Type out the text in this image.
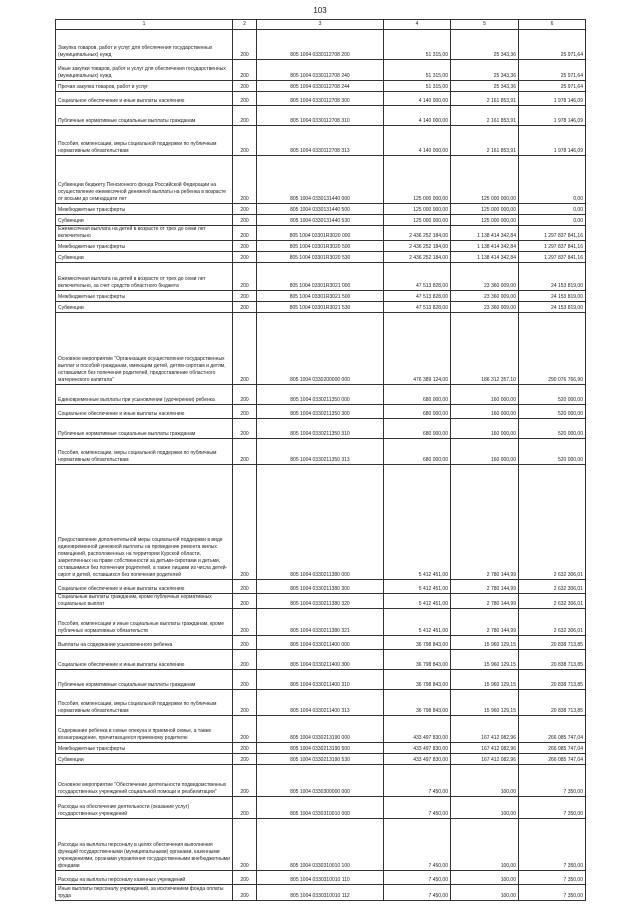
103
1	2	3	4	5	6
Закупка товаров, работ и услуг для обеспечения государственных (муниципальных) нужд	200	805 1004 0330112708 200	51 315,00	25 343,36	25 971,64
Иные закупки товаров, работ и услуг для обеспечения государственных (муниципальных) нужд	200	805 1004 0330112708 240	51 315,00	25 343,36	25 971,64
Прочая закупка товаров, работ и услуг	200	805 1004 0330112708 244	51 315,00	25 343,36	25 971,64
Социальное обеспечение и иные выплаты населению	200	805 1004 0330112708 300	4 140 000,00	2 161 853,91	1 978 146,09
Публичные нормативные социальные выплаты гражданам	200	805 1004 0330112708 310	4 140 000,00	2 161 853,91	1 978 146,09
Пособия, компенсации, меры социальной поддержки по публичным нормативным обязательствам	200	805 1004 0330112708 313	4 140 000,00	2 161 853,91	1 978 146,09
Субвенции бюджету Пенсионного фонда Российской Федерации на осуществление ежемесячной денежной выплаты на ребенка в возрасте от восьми до семнадцати лет	200	805 1004 0330131440 000	125 000 000,00	125 000 000,00	0,00
Межбюджетные трансферты	200	805 1004 0330131440 500	125 000 000,00	125 000 000,00	0,00
Субвенции	200	805 1004 0330131440 530	125 000 000,00	125 000 000,00	0,00
Ежемесячная выплата на детей в возрасте от трех до семи лет включительно	200	805 1004 03301R3020 000	2 436 252 184,00	1 138 414 342,84	1 297 837 841,16
Межбюджетные трансферты	200	805 1004 03301R3020 500	2 436 252 184,00	1 138 414 342,84	1 297 837 841,16
Субвенции	200	805 1004 03301R3020 530	2 436 252 184,00	1 138 414 342,84	1 297 837 841,16
Ежемесячная выплата на детей в возрасте от трех до семи лет включительно, за счет средств областного бюджета	200	805 1004 03301R3021 000	47 513 828,00	23 360 009,00	24 153 819,00
Межбюджетные трансферты	200	805 1004 03301R3021 500	47 513 828,00	23 360 009,00	24 153 819,00
Субвенции	200	805 1004 03301R3021 530	47 513 828,00	23 360 009,00	24 153 819,00
Основное мероприятие "Организация осуществления государственных выплат и пособий гражданам, имеющим детей, детям-сиротам и детям, оставшимся без попечения родителей, предоставление областного материнского капитала"	200	805 1004 0330200000 000	476 389 124,00	186 312 357,10	290 076 766,90
Единовременные выплаты при усыновлении (удочерении) ребенка	200	805 1004 0330211350 000	680 000,00	160 000,00	520 000,00
Социальное обеспечение и иные выплаты населению	200	805 1004 0330211350 300	680 000,00	160 000,00	520 000,00
Публичные нормативные социальные выплаты гражданам	200	805 1004 0330211350 310	680 000,00	160 000,00	520 000,00
Пособия, компенсации, меры социальной поддержки по публичным нормативным обязательствам	200	805 1004 0330211350 313	680 000,00	160 000,00	520 000,00
Предоставление дополнительной меры социальной поддержки в виде единовременной денежной выплаты на проведение ремонта жилых помещений, расположенных на территории Курской области, закрепленных на праве собственности за детьми-сиротами и детьми, оставшимися без попечения родителей, а также лицами из числа детей-сирот и детей, оставшихся без попечения родителей	200	805 1004 0330211380 000	5 412 451,00	2 780 144,99	2 632 306,01
Социальное обеспечение и иные выплаты населению	200	805 1004 0330211380 300	5 412 451,00	2 780 144,99	2 632 306,01
Социальные выплаты гражданам, кроме публичных нормативных социальных выплат	200	805 1004 0330211380 320	5 412 451,00	2 780 144,99	2 632 306,01
Пособия, компенсации и иные социальные выплаты гражданам, кроме публичных нормативных обязательств	200	805 1004 0330211380 321	5 412 451,00	2 780 144,99	2 632 306,01
Выплаты на содержание усыновленного ребенка	200	805 1004 0330211400 000	36 798 843,00	15 960 129,15	20 838 713,85
Социальное обеспечение и иные выплаты населению	200	805 1004 0330211400 300	36 798 843,00	15 960 129,15	20 838 713,85
Публичные нормативные социальные выплаты гражданам	200	805 1004 0330211400 310	36 798 843,00	15 960 129,15	20 838 713,85
Пособия, компенсации, меры социальной поддержки по публичным нормативным обязательствам	200	805 1004 0330211400 313	36 798 843,00	15 960 129,15	20 838 713,85
Содержание ребенка в семье опекуна и приемной семье, а также вознаграждение, причитающееся приемному родителю	200	805 1004 0330213190 000	433 497 830,00	167 412 082,96	266 085 747,04
Межбюджетные трансферты	200	805 1004 0330213190 500	433 497 830,00	167 412 082,96	266 085 747,04
Субвенции	200	805 1004 0330213190 530	433 497 830,00	167 412 082,96	266 085 747,04
Основное мероприятие "Обеспечение деятельности подведомственных государственных учреждений социальной помощи и реабилитации"	200	805 1004 0330300000 000	7 450,00	100,00	7 350,00
Расходы на обеспечение деятельности (оказание услуг) государственных учреждений	200	805 1004 0330310010 000	7 450,00	100,00	7 350,00
Расходы на выплаты персоналу в целях обеспечения выполнения функций государственными (муниципальными) органами, казенными учреждениями, органами управления государственными внебюджетными фондами	200	805 1004 0330310010 100	7 450,00	100,00	7 350,00
Расходы на выплаты персоналу казенных учреждений	200	805 1004 0330310010 110	7 450,00	100,00	7 350,00
Иные выплаты персоналу учреждений, за исключением фонда оплаты труда	200	805 1004 0330310010 112	7 450,00	100,00	7 350,00
